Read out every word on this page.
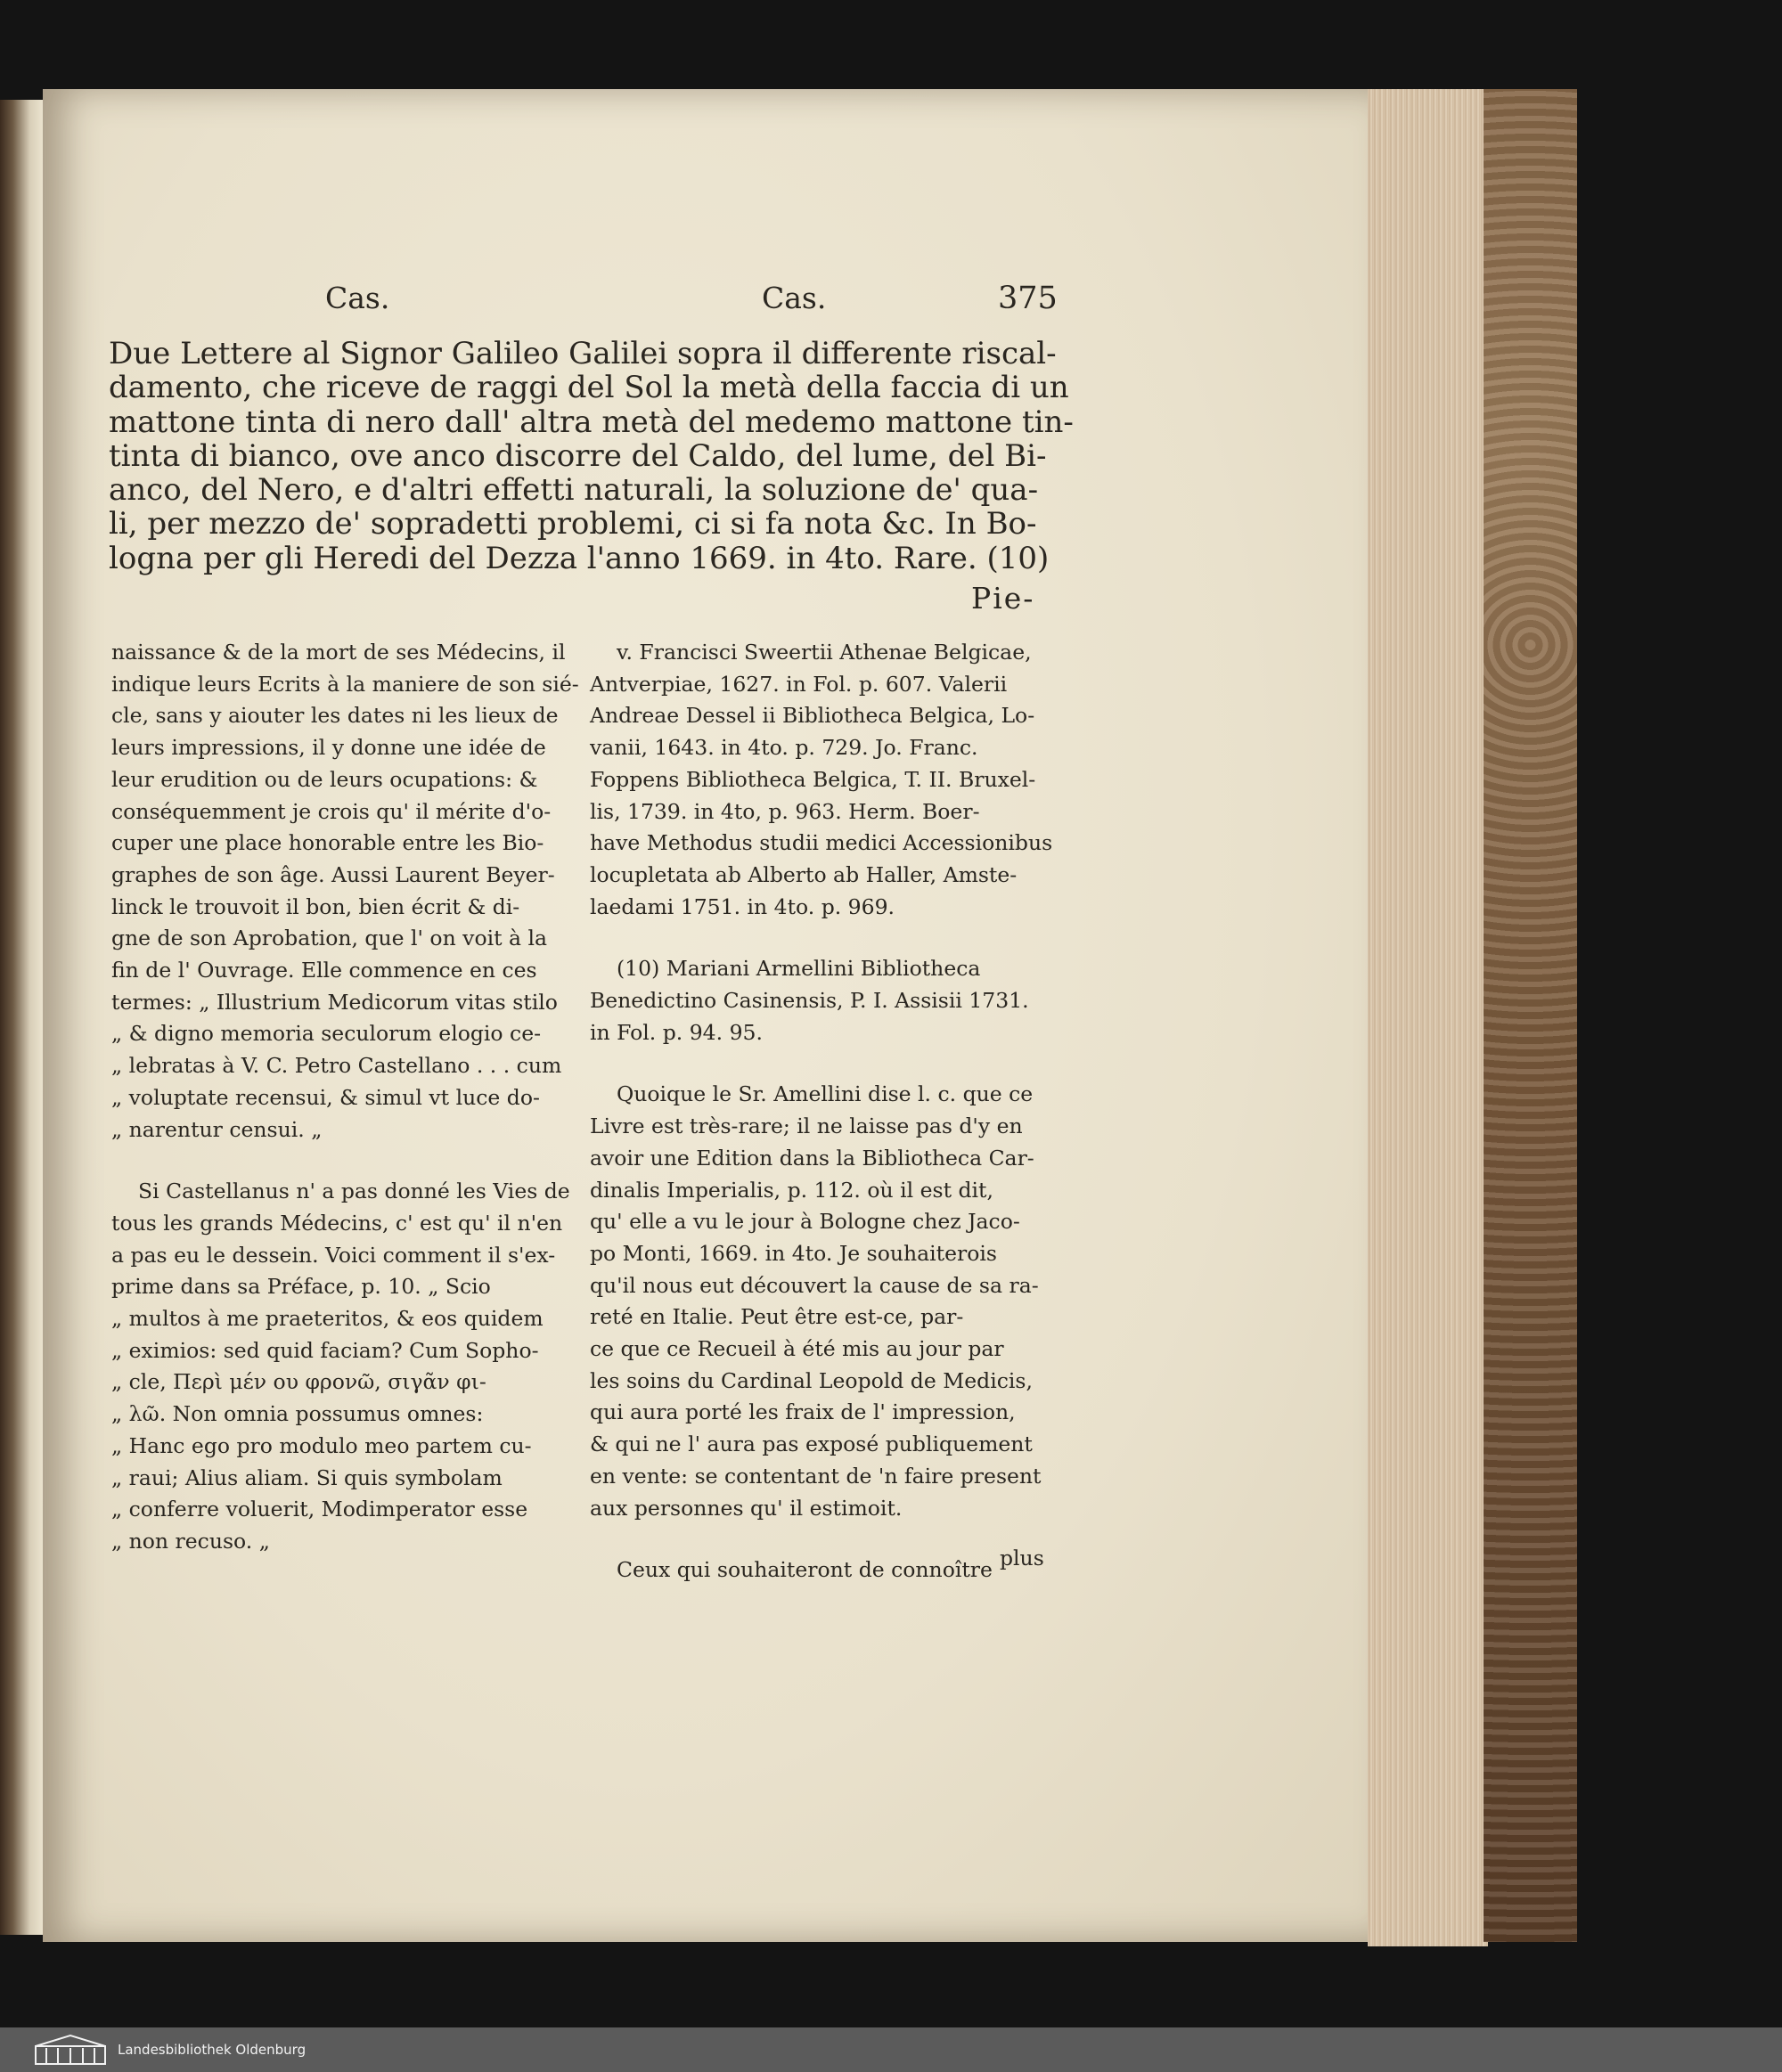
Cas.	Cas.	375
Due Lettere al Signor Galileo Galilei sopra il differente riscal-
damento, che riceve de raggi del Sol la metà della faccia di un
mattone tinta di nero dall' altra metà del medemo mattone tin-
tinta di bianco, ove anco discorre del Caldo, del lume, del Bi-
anco, del Nero, e d'altri effetti naturali, la soluzione de' qua-
li, per mezzo de' sopradetti problemi, ci si fa nota &c. In Bo-
logna per gli Heredi del Dezza l'anno 1669. in 4to. Rare. (10)
Pie-
naissance & de la mort de ses Médecins, il
indique leurs Ecrits à la maniere de son sié-
cle, sans y aiouter les dates ni les lieux de
leurs impressions, il y donne une idée de
leur erudition ou de leurs ocupations: &
conséquemment je crois qu' il mérite d'o-
cuper une place honorable entre les Bio-
graphes de son âge. Aussi Laurent Beyer-
linck le trouvoit il bon, bien écrit & di-
gne de son Aprobation, que l' on voit à la
fin de l' Ouvrage. Elle commence en ces
termes: „ Illustrium Medicorum vitas stilo
„ & digno memoria seculorum elogio ce-
„ lebratas à V. C. Petro Castellano . . . cum
„ voluptate recensui, & simul vt luce do-
„ narentur censui. „
Si Castellanus n' a pas donné les Vies de
tous les grands Médecins, c' est qu' il n'en
a pas eu le dessein. Voici comment il s'ex-
prime dans sa Préface, p. 10. „ Scio
„ multos à me praeteritos, & eos quidem
„ eximios: sed quid faciam? Cum Sopho-
„ cle, Περὶ μέν ου φρονῶ, σιγᾶν φι-
„ λῶ. Non omnia possumus omnes:
„ Hanc ego pro modulo meo partem cu-
„ raui; Alius aliam. Si quis symbolam
„ conferre voluerit, Modimperator esse
„ non recuso. „
v. Francisci Sweertii Athenae Belgicae,
Antverpiae, 1627. in Fol. p. 607. Valerii
Andreae Dessel ii Bibliotheca Belgica, Lo-
vanii, 1643. in 4to. p. 729. Jo. Franc.
Foppens Bibliotheca Belgica, T. II. Bruxel-
lis, 1739. in 4to, p. 963. Herm. Boer-
have Methodus studii medici Accessionibus
locupletata ab Alberto ab Haller, Amste-
laedami 1751. in 4to. p. 969.
(10) Mariani Armellini Bibliotheca
Benedictino Casinensis, P. I. Assisii 1731.
in Fol. p. 94. 95.
Quoique le Sr. Amellini dise l. c. que ce
Livre est très-rare; il ne laisse pas d'y en
avoir une Edition dans la Bibliotheca Car-
dinalis Imperialis, p. 112. où il est dit,
qu' elle a vu le jour à Bologne chez Jaco-
po Monti, 1669. in 4to. Je souhaiterois
qu'il nous eut découvert la cause de sa ra-
reté en Italie. Peut être est-ce, par-
ce que ce Recueil à été mis au jour par
les soins du Cardinal Leopold de Medicis,
qui aura porté les fraix de l' impression,
& qui ne l' aura pas exposé publiquement
en vente: se contentant de 'n faire present
aux personnes qu' il estimoit.
Ceux qui souhaiteront de connoître plus
Landesbibliothek Oldenburg
